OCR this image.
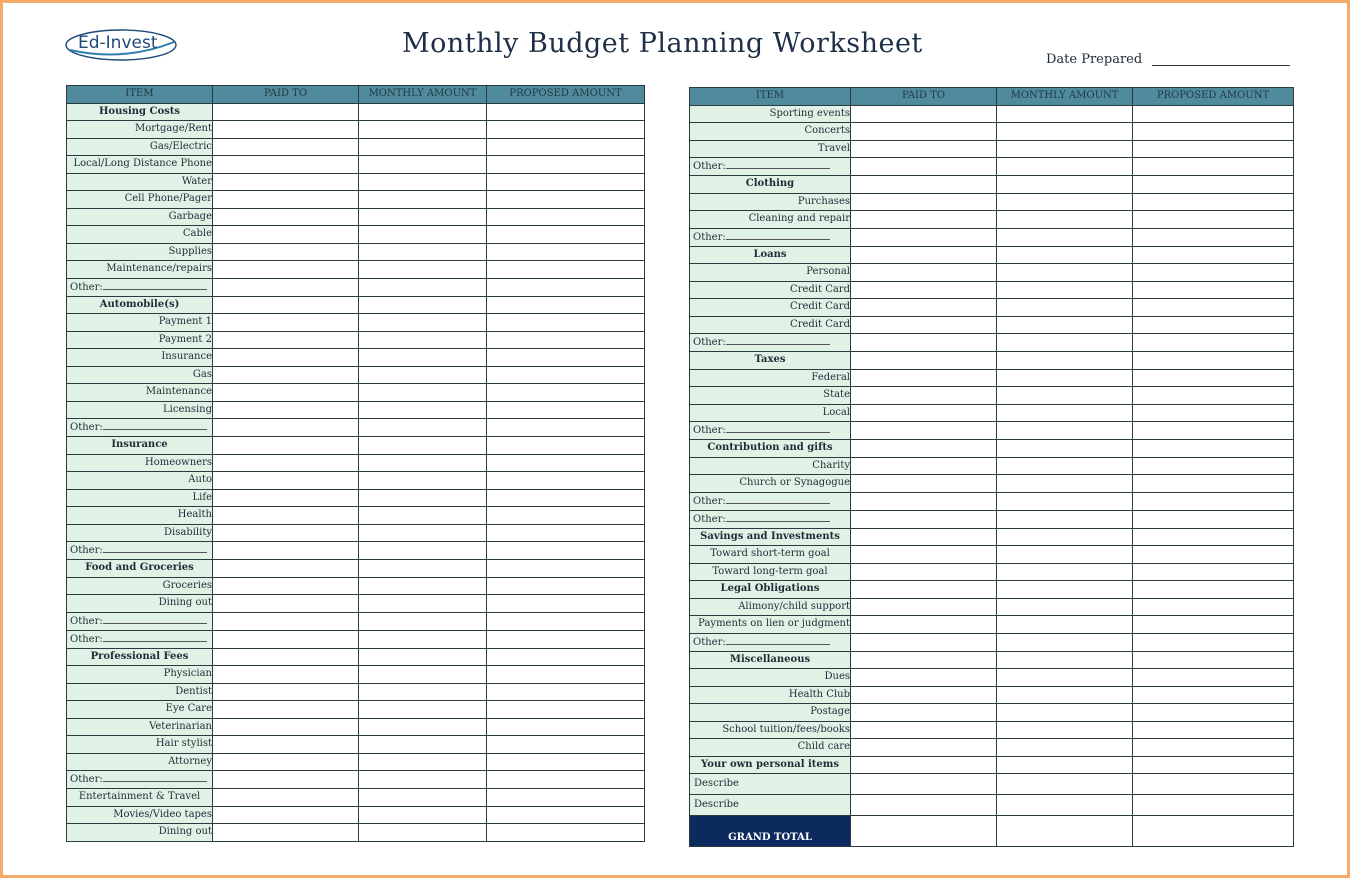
Ed-Invest	Monthly Budget Planning Worksheet
Date Prepared
ITEM	PAID TO	MONTHLY AMOUNT	PROPOSED AMOUNT
Housing Costs			
Mortgage/Rent			
Gas/Electric			
Local/Long Distance Phone			
Water			
Cell Phone/Pager			
Garbage			
Cable			
Supplies			
Maintenance/repairs			
Other:			
Automobile(s)			
Payment 1			
Payment 2			
Insurance			
Gas			
Maintenance			
Licensing			
Other:			
Insurance			
Homeowners			
Auto			
Life			
Health			
Disability			
Other:			
Food and Groceries			
Groceries			
Dining out			
Other:			
Other:			
Professional Fees			
Physician			
Dentist			
Eye Care			
Veterinarian			
Hair stylist			
Attorney			
Other:			
Entertainment & Travel			
Movies/Video tapes			
Dining out			
ITEM	PAID TO	MONTHLY AMOUNT	PROPOSED AMOUNT
Sporting events			
Concerts			
Travel			
Other:			
Clothing			
Purchases			
Cleaning and repair			
Other:			
Loans			
Personal			
Credit Card			
Credit Card			
Credit Card			
Other:			
Taxes			
Federal			
State			
Local			
Other:			
Contribution and gifts			
Charity			
Church or Synagogue			
Other:			
Other:			
Savings and Investments			
Toward short-term goal			
Toward long-term goal			
Legal Obligations			
Alimony/child support			
Payments on lien or judgment			
Other:			
Miscellaneous			
Dues			
Health Club			
Postage			
School tuition/fees/books			
Child care			
Your own personal items			
Describe			
Describe			
GRAND TOTAL			
